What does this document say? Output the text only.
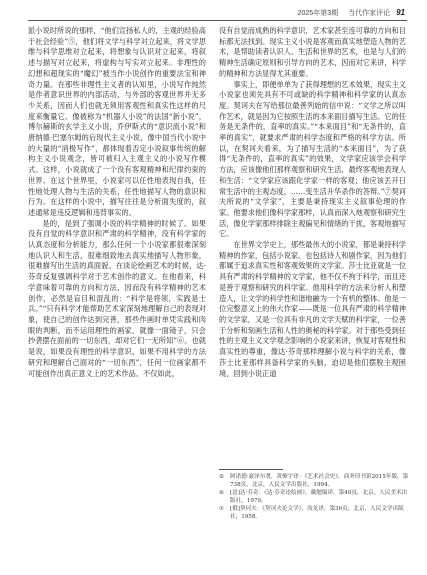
2025年第3期 当代作家评论 91

派小说时所说的那样，“他们宣扬私人的，主观的经验高于社会经验”⑤，他们将文学与科学对立起来，将文学思维与科学思维对立起来，将想象与认识对立起来，将叙述与描写对立起来，将虚构与写实对立起来。非理性的幻想和超现实的“魔幻”被当作小说创作的重要法宝和神奇力量。在那些非理性主义者的认知里，小说写作纯然是作者意识世界的内部活动，与外部的客观世界并无多少关系，因而人们也就无须用客观性和真实性这样的尺度来衡量它。像被称为“机器人小说”的法国“新小说”，博尔赫斯的玄学主义小说，乔伊斯式的“意识流小说”和唐纳德·巴塞尔姆的后现代主义小说，像中国当代小说中的大量的“消极写作”，都体现着否定小说叙事传统的解构主义小说观念，皆可被归入主观主义的小说写作模式。这样，小说就成了一个没有客观精神和纪律约束的世界。在这个世界里，小说家可以任性地表现自我，任性地处理人物与生活的关系，任性地描写人物的意识和行为。在这样的小说中，描写往往是分析面失度的，叙述通常是违反逻辑和违背事实的。

是的，是到了强调小说的科学精神的时候了。如果没有自觉的科学意识和严肃的科学精神，没有科学家的认真态度和分析能力，那么任何一个小说家都很难深刻地认识人和生活，很难细致地去真实地描写人物形象，很难描写出生活的真面貌。在谈论绘画艺术的时候，达·芬奇反复强调科学对于艺术创作的意义。在他看来，科学意味着可靠的方向和方法，因而没有科学精神的艺术创作，必然是盲目和混乱的：“科学是将领，实践是士兵。”“只有科学才能帮助艺术家深刻地理解自己的表现对象，使自己的创作达到完善，那些作画时单凭实践和肉眼的判断，而不运用理性的画家，就像一面镜子，只会抄袭摆在面前的一切东西，却对它们一无所知”⑥。也就是说，如果没有理性的科学意识，如果不用科学的方法研究和理解自己面对的“一切东西”，任何一位画家都不可能创作出真正意义上的艺术作品。不仅如此，

没有自觉而成熟的科学意识，艺术家甚至连可靠的方向和目标都无法找到。现实主义小说是客观而真实地塑造人物的艺术，是帮助读者认识人、生活和世界的艺术，也是与人们的精神生活确定原则和引导方向的艺术，因而对它来讲，科学的精神和方法显得尤其重要。

事实上，即便单单为了获得理想的艺术效果，现实主义小说家也须先具有不可或缺的科学精神和科学家的认真态度。契诃夫在写给那位最善列始的信中说：“文学之所以叫作艺术，就是因为它按照生活的本来面目描写生活。它的任务是无条件的，直率的真实。”“本来面目”和“无条件的，直率的真实”，就要求严肃的科学态度和严格的科学方法。所以，在契诃夫看来，为了描写生活的“本来面目”，为了获得“无条件的，直率的真实”的效果，文学家应该学会科学方法，应该像他们那样观察和研究生活，最终客观地表现人和生活：“文学家应该跟化学家一样的客观；他应该丢开日常生活中的主观态度，……变生活升华杀作的答辩。”⑦契诃夫所说的“文学家”，主要是秉持现实主义叙事伦理的作家。他要求他们像科学家那样，认真而深入地观察和研究生活，像化学家那样排除主观偏见和情绪的干扰，客观地描写它。

在世界文学史上，那些最伟大的小说家，都是秉持科学精神的作家，包括小说家、也包括诗人和剧作家，因为他们都属于追求真实性和客观效果的文学家。莎士比亚就是一位具有严肃的科学精神的文学家，他不仅不拘于科学，而且还是善于观察和研究的科学家。他用科学的方法来分析人和塑造人，让文学的科学性和谐地融为一个有机的整体。他是一位完整意义上的伟大作家——既是一位具有严肃的科学精神的文学家，又是一位具有非凡的文学天赋的科学家，一位善于分析和刻画生活和人性的奥秘的科学家。对于那些受到任性的主观主义文学观念影响的小说家来讲，恢复对客观性和真实性的尊重，像达·芬奇那样理解小说与科学的关系，像莎士比亚那样具备科学家的头脑，迫切是他们摆脱主观困境，回到小说正道

⑤	阿诺德·豪泽尔著，黄燎宇译：《艺术社会史》，商务印书馆2015年版，第738页，北京，人民文学出版社，1994。
⑥	[意]达·芬奇：《达·芬奇论绘画》，戴勉编译，第40页，北京，人民美术出版社，1979。
⑦	[俄]契诃夫：《契诃夫论文学》，汝龙译，第36页，北京，人民文学出版社，1958。
